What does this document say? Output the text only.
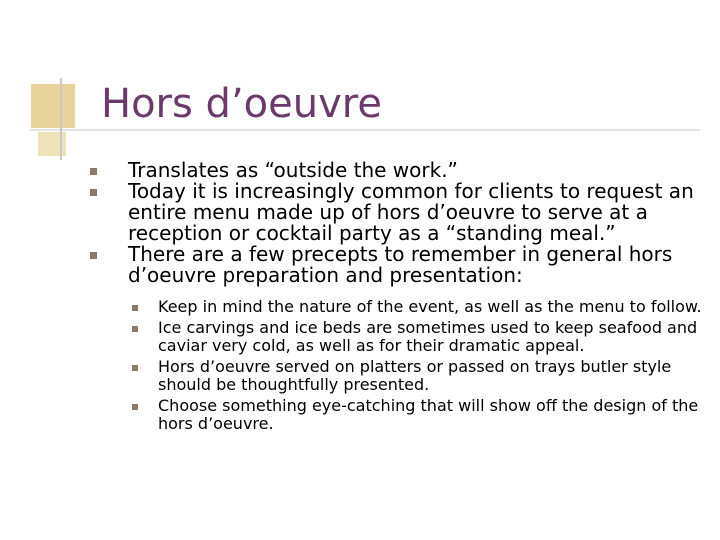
Hors d’oeuvre
Translates as “outside the work.”
Today it is increasingly common for clients to request an entire menu made up of hors d’oeuvre to serve at a reception or cocktail party as a “standing meal.”
There are a few precepts to remember in general hors d’oeuvre preparation and presentation:
Keep in mind the nature of the event, as well as the menu to follow.
Ice carvings and ice beds are sometimes used to keep seafood and caviar very cold, as well as for their dramatic appeal.
Hors d’oeuvre served on platters or passed on trays butler style should be thoughtfully presented.
Choose something eye-catching that will show off the design of the hors d’oeuvre.
